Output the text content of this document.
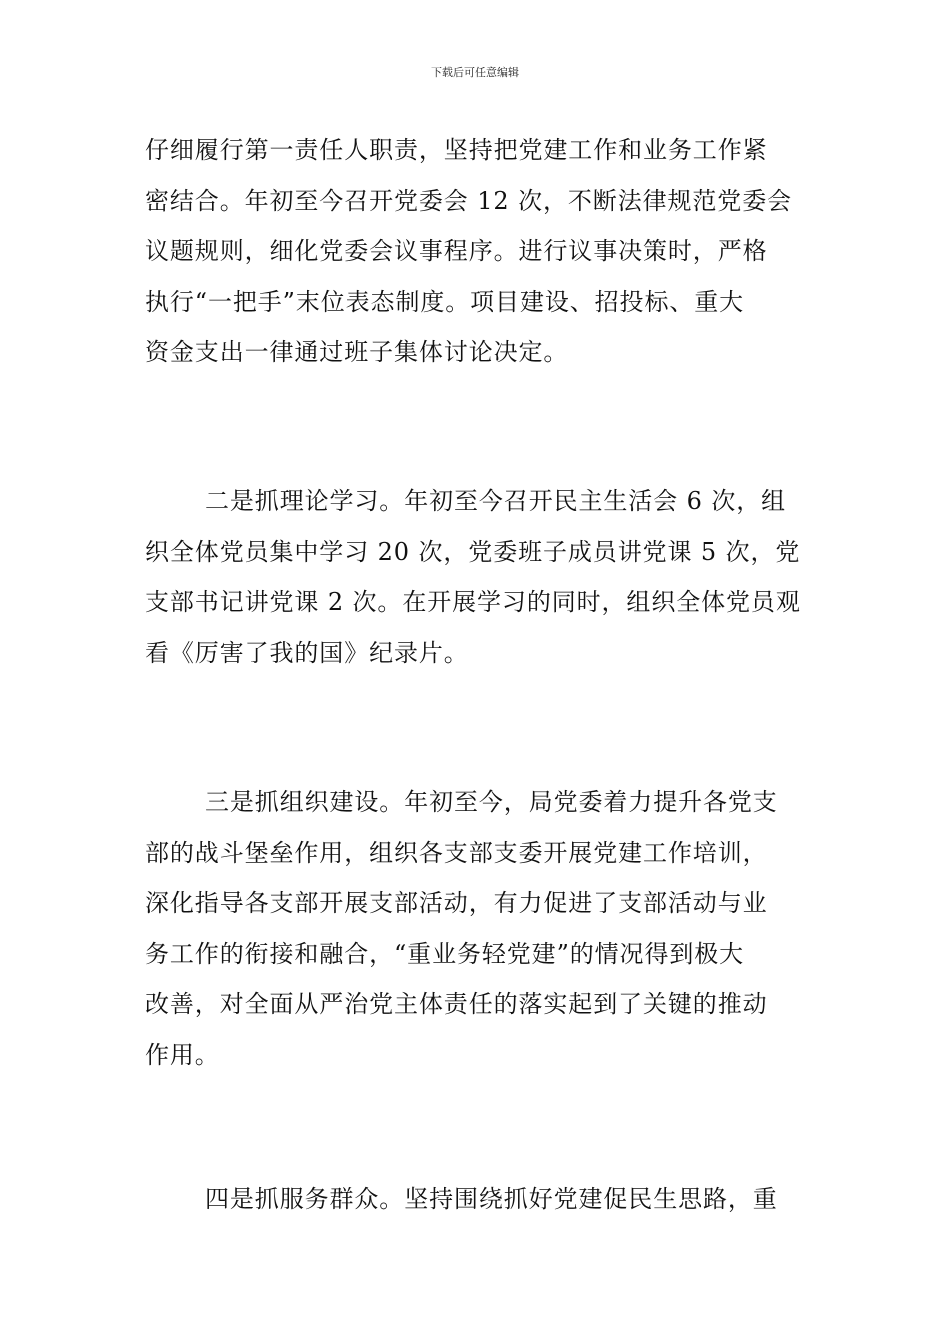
下载后可任意编辑
仔细履行第一责任人职责，坚持把党建工作和业务工作紧
密结合。年初至今召开党委会 12 次，不断法律规范党委会
议题规则，细化党委会议事程序。进行议事决策时，严格
执行“一把手”末位表态制度。项目建设、招投标、重大
资金支出一律通过班子集体讨论决定。
二是抓理论学习。年初至今召开民主生活会 6 次，组
织全体党员集中学习 20 次，党委班子成员讲党课 5 次，党
支部书记讲党课 2 次。在开展学习的同时，组织全体党员观
看《厉害了我的国》纪录片。
三是抓组织建设。年初至今，局党委着力提升各党支
部的战斗堡垒作用，组织各支部支委开展党建工作培训，
深化指导各支部开展支部活动，有力促进了支部活动与业
务工作的衔接和融合，“重业务轻党建”的情况得到极大
改善，对全面从严治党主体责任的落实起到了关键的推动
作用。
四是抓服务群众。坚持围绕抓好党建促民生思路，重
